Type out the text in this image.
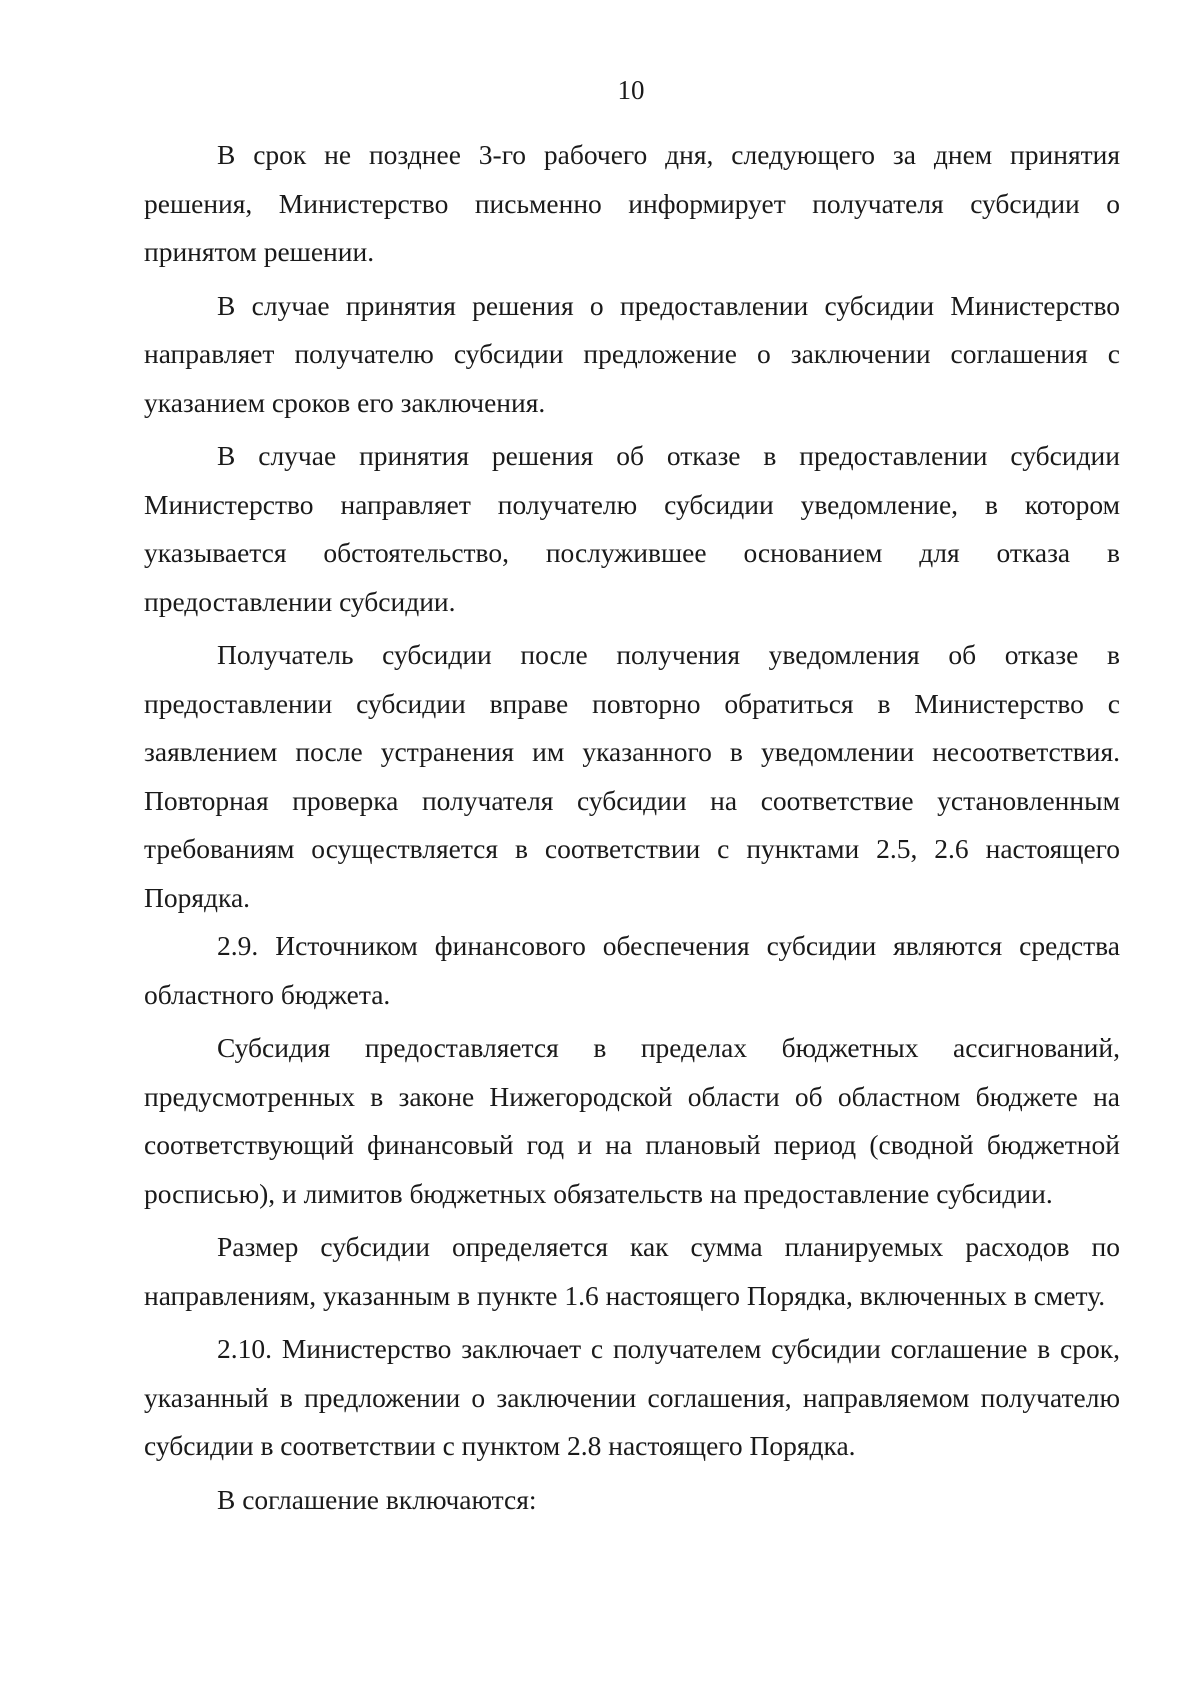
10

В срок не позднее 3-го рабочего дня, следующего за днем принятия решения, Министерство письменно информирует получателя субсидии о принятом решении.

В случае принятия решения о предоставлении субсидии Министерство направляет получателю субсидии предложение о заключении соглашения с указанием сроков его заключения.

В случае принятия решения об отказе в предоставлении субсидии Министерство направляет получателю субсидии уведомление, в котором указывается обстоятельство, послужившее основанием для отказа в предоставлении субсидии.

Получатель субсидии после получения уведомления об отказе в предоставлении субсидии вправе повторно обратиться в Министерство с заявлением после устранения им указанного в уведомлении несоответствия. Повторная проверка получателя субсидии на соответствие установленным требованиям осуществляется в соответствии с пунктами 2.5, 2.6 настоящего Порядка.

2.9. Источником финансового обеспечения субсидии являются средства областного бюджета.

Субсидия предоставляется в пределах бюджетных ассигнований, предусмотренных в законе Нижегородской области об областном бюджете на соответствующий финансовый год и на плановый период (сводной бюджетной росписью), и лимитов бюджетных обязательств на предоставление субсидии.

Размер субсидии определяется как сумма планируемых расходов по направлениям, указанным в пункте 1.6 настоящего Порядка, включенных в смету.

2.10. Министерство заключает с получателем субсидии соглашение в срок, указанный в предложении о заключении соглашения, направляемом получателю субсидии в соответствии с пунктом 2.8 настоящего Порядка.

В соглашение включаются:
